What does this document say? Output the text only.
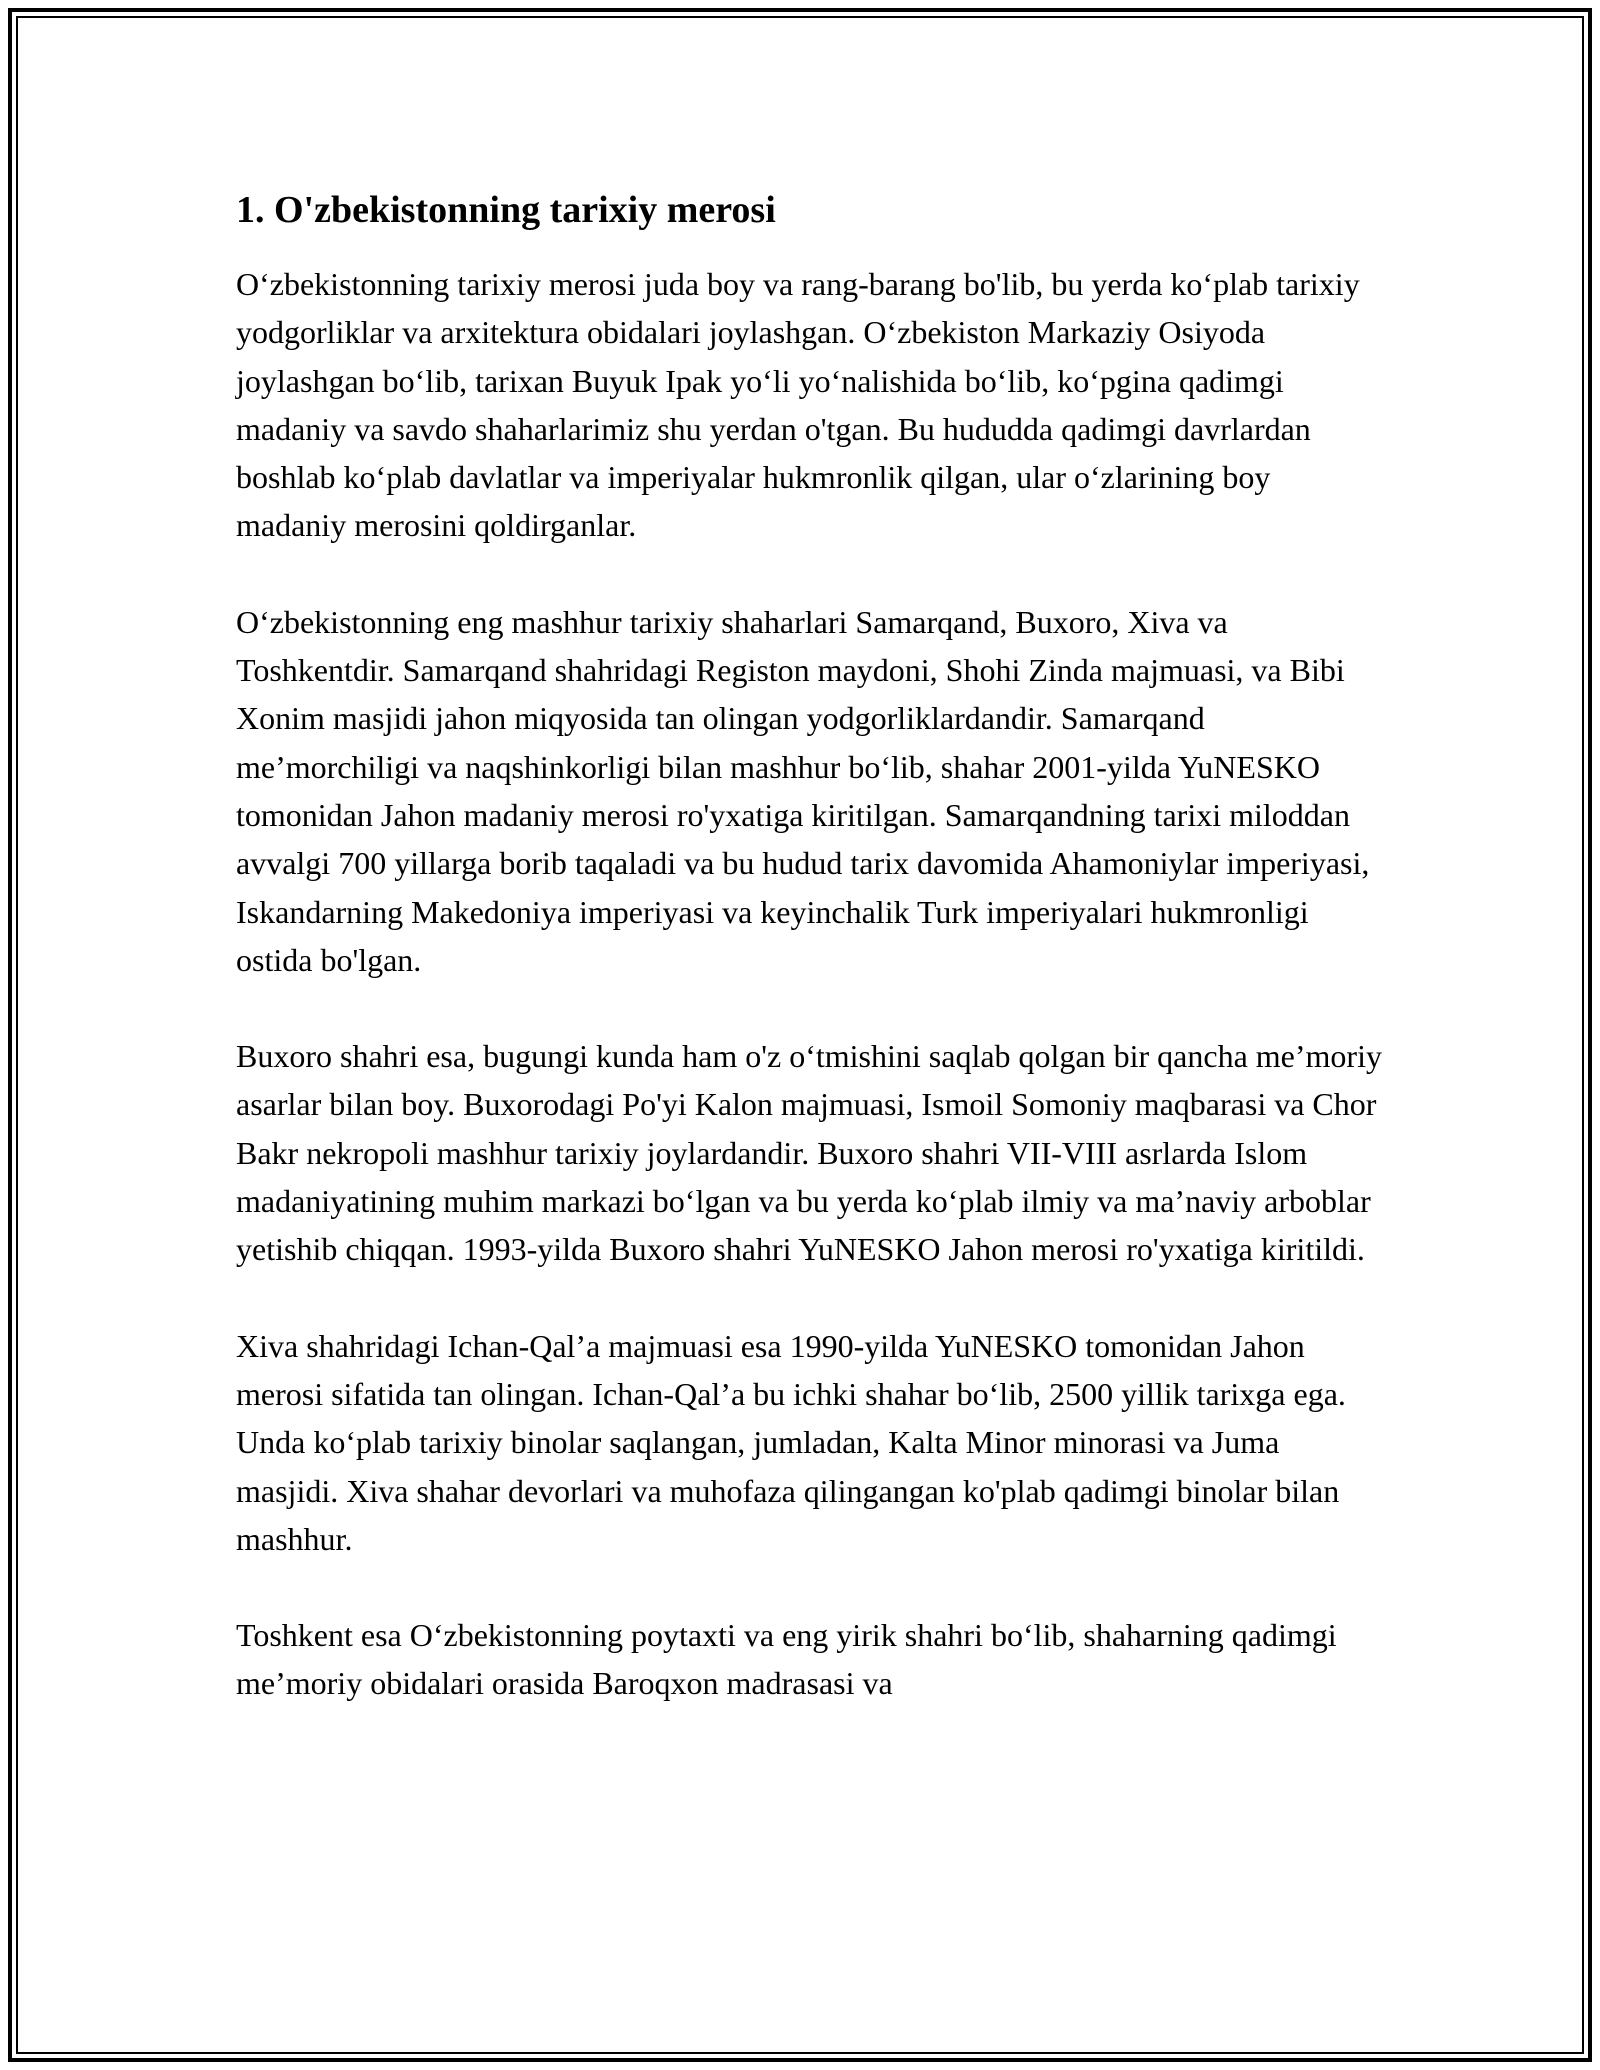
1. O'zbekistonning tarixiy merosi

O‘zbekistonning tarixiy merosi juda boy va rang-barang bo'lib, bu yerda ko‘plab tarixiy yodgorliklar va arxitektura obidalari joylashgan. O‘zbekiston Markaziy Osiyoda joylashgan bo‘lib, tarixan Buyuk Ipak yo‘li yo‘nalishida bo‘lib, ko‘pgina qadimgi madaniy va savdo shaharlarimiz shu yerdan o'tgan. Bu hududda qadimgi davrlardan boshlab ko‘plab davlatlar va imperiyalar hukmronlik qilgan, ular o‘zlarining boy madaniy merosini qoldirganlar.

O‘zbekistonning eng mashhur tarixiy shaharlari Samarqand, Buxoro, Xiva va Toshkentdir. Samarqand shahridagi Registon maydoni, Shohi Zinda majmuasi, va Bibi Xonim masjidi jahon miqyosida tan olingan yodgorliklardandir. Samarqand me’morchiligi va naqshinkorligi bilan mashhur bo‘lib, shahar 2001-yilda YuNESKO tomonidan Jahon madaniy merosi ro'yxatiga kiritilgan. Samarqandning tarixi miloddan avvalgi 700 yillarga borib taqaladi va bu hudud tarix davomida Ahamoniylar imperiyasi, Iskandarning Makedoniya imperiyasi va keyinchalik Turk imperiyalari hukmronligi ostida bo'lgan.

Buxoro shahri esa, bugungi kunda ham o'z o‘tmishini saqlab qolgan bir qancha me’moriy asarlar bilan boy. Buxorodagi Po'yi Kalon majmuasi, Ismoil Somoniy maqbarasi va Chor Bakr nekropoli mashhur tarixiy joylardandir. Buxoro shahri VII-VIII asrlarda Islom madaniyatining muhim markazi bo‘lgan va bu yerda ko‘plab ilmiy va ma’naviy arboblar yetishib chiqqan. 1993-yilda Buxoro shahri YuNESKO Jahon merosi ro'yxatiga kiritildi.

Xiva shahridagi Ichan-Qal’a majmuasi esa 1990-yilda YuNESKO tomonidan Jahon merosi sifatida tan olingan. Ichan-Qal’a bu ichki shahar bo‘lib, 2500 yillik tarixga ega. Unda ko‘plab tarixiy binolar saqlangan, jumladan, Kalta Minor minorasi va Juma masjidi. Xiva shahar devorlari va muhofaza qilingangan ko'plab qadimgi binolar bilan mashhur.

Toshkent esa O‘zbekistonning poytaxti va eng yirik shahri bo‘lib, shaharning qadimgi me’moriy obidalari orasida Baroqxon madrasasi va
